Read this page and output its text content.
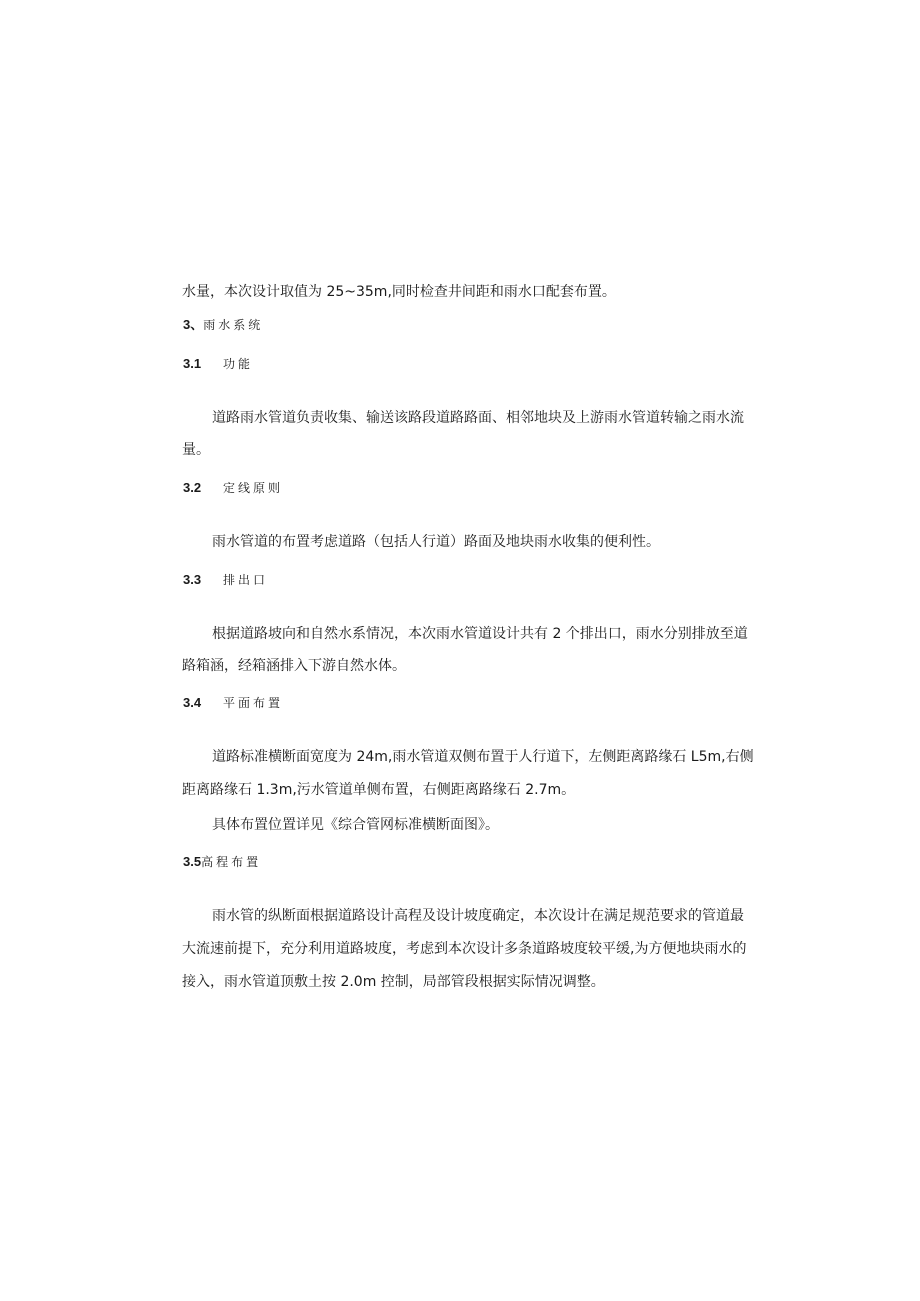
水量，本次设计取值为 25~35m,同时检查井间距和雨水口配套布置。
3、雨水系统
3.1 功能
道路雨水管道负责收集、输送该路段道路路面、相邻地块及上游雨水管道转输之雨水流
量。
3.2 定线原则
雨水管道的布置考虑道路（包括人行道）路面及地块雨水收集的便利性。
3.3 排出口
根据道路坡向和自然水系情况，本次雨水管道设计共有 2 个排出口，雨水分别排放至道
路箱涵，经箱涵排入下游自然水体。
3.4 平面布置
道路标准横断面宽度为 24m,雨水管道双侧布置于人行道下，左侧距离路缘石 L5m,右侧
距离路缘石 1.3m,污水管道单侧布置，右侧距离路缘石 2.7m。
具体布置位置详见《综合管网标准横断面图》。
3.5高程布置
雨水管的纵断面根据道路设计高程及设计坡度确定，本次设计在满足规范要求的管道最
大流速前提下，充分利用道路坡度，考虑到本次设计多条道路坡度较平缓,为方便地块雨水的
接入，雨水管道顶敷土按 2.0m 控制，局部管段根据实际情况调整。
